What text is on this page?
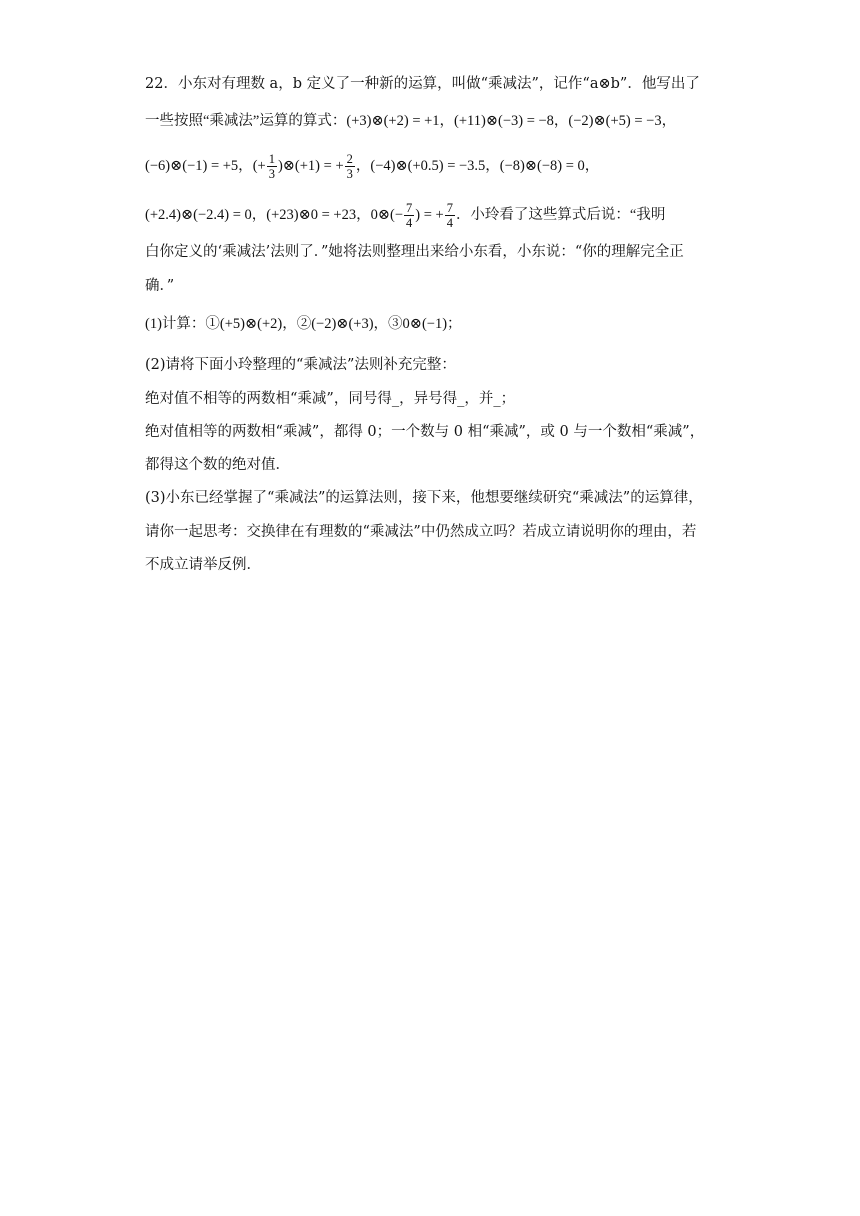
22．小东对有理数 a，b 定义了一种新的运算，叫做“乘减法”，记作“a⊗b”．他写出了
一些按照“乘减法”运算的算式：(+3)⊗(+2) = +1，(+11)⊗(−3) = −8，(−2)⊗(+5) = −3，
(−6)⊗(−1) = +5，(+ $\frac{1}{3}$ )⊗(+1) = + $\frac{2}{3}$ ，(−4)⊗(+0.5) = −3.5，(−8)⊗(−8) = 0，
(+2.4)⊗(−2.4) = 0，(+23)⊗0 = +23，0⊗(− $\frac{7}{4}$ ) = + $\frac{7}{4}$ ．小玲看了这些算式后说：“我明
白你定义的‘乘减法’法则了．”她将法则整理出来给小东看，小东说：“你的理解完全正
确．”
(1)计算：①(+5)⊗(+2)，②(−2)⊗(+3)，③0⊗(−1)；
(2)请将下面小玲整理的“乘减法”法则补充完整：
绝对值不相等的两数相“乘减”，同号得_，异号得_，并_；
绝对值相等的两数相“乘减”，都得 0；一个数与 0 相“乘减”，或 0 与一个数相“乘减”，
都得这个数的绝对值．
(3)小东已经掌握了“乘减法”的运算法则，接下来，他想要继续研究“乘减法”的运算律，
请你一起思考：交换律在有理数的“乘减法”中仍然成立吗？若成立请说明你的理由，若
不成立请举反例．
